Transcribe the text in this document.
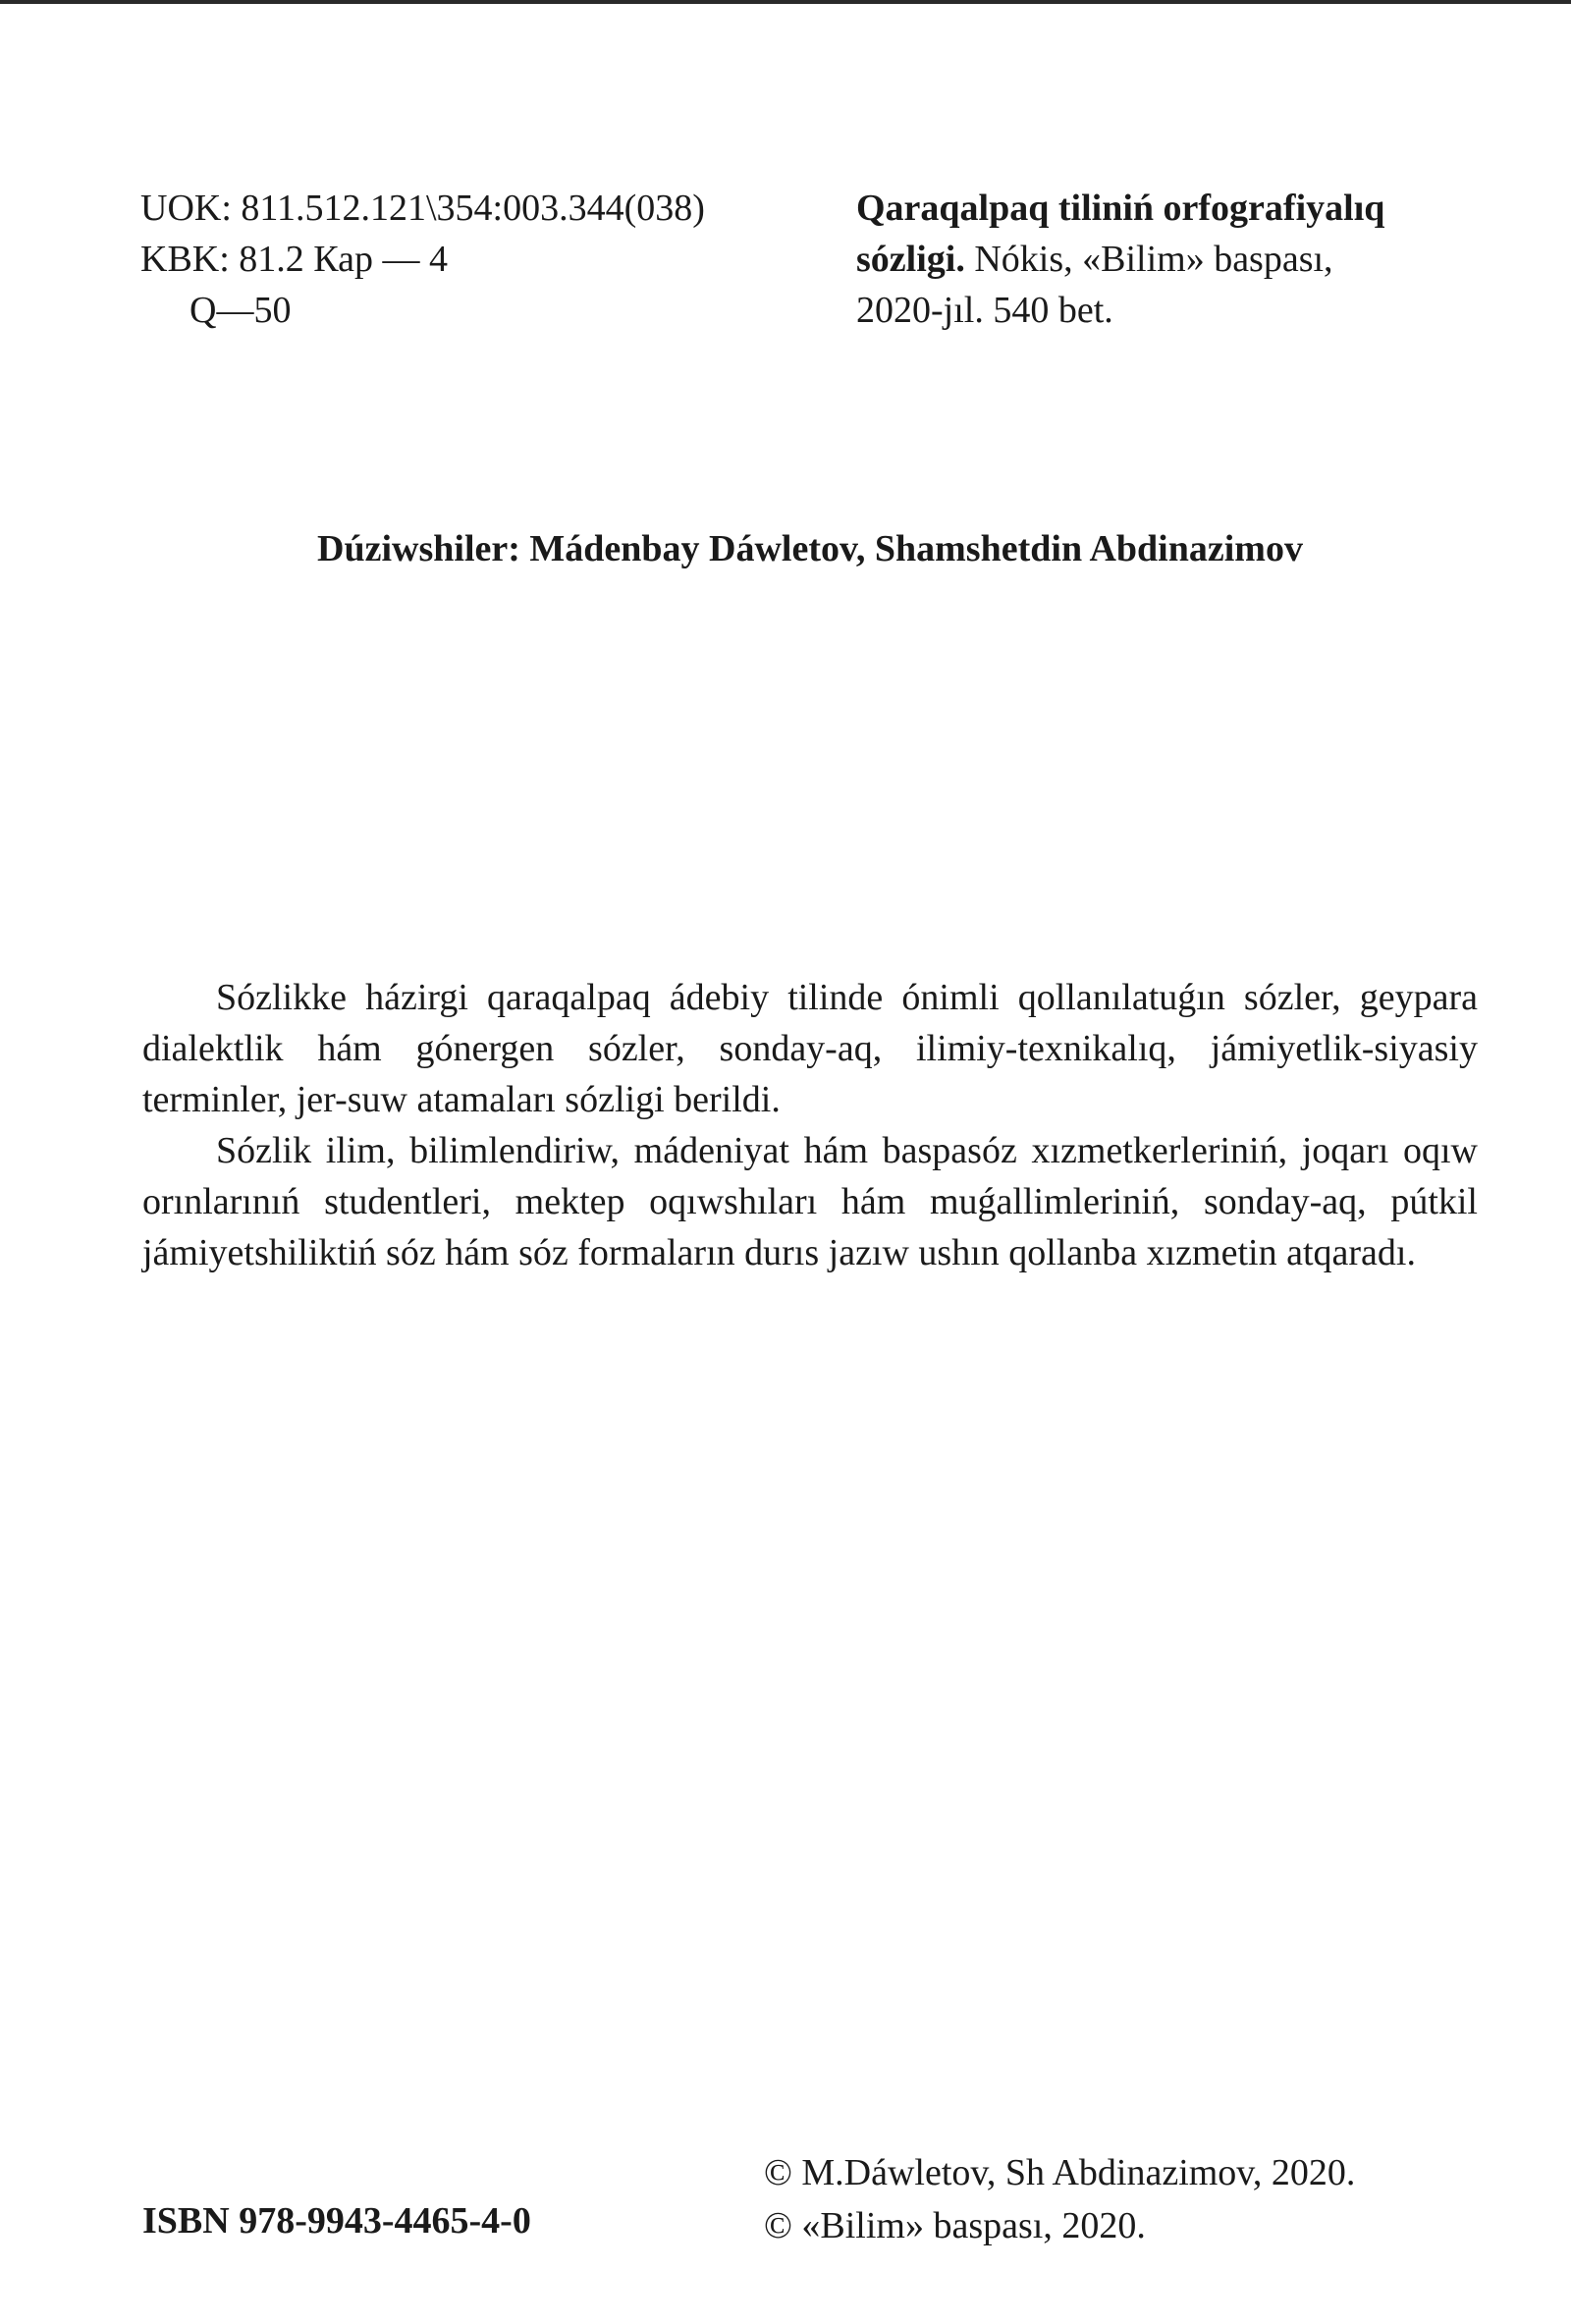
UOK: 811.512.121\354:003.344(038)
KBK: 81.2 Кар — 4
Q—50
Qaraqalpaq tiliniń orfografiyalıq
sózligi. Nókis, «Bilim» baspası,
2020-jıl. 540 bet.
Dúziwshiler: Mádenbay Dáwletov, Shamshetdin Abdinazimov

Sózlikke házirgi qaraqalpaq ádebiy tilinde ónimli qollanılatuǵın sózler, geypara dialektlik hám gónergen sózler, sonday-aq, ilimiy-texnikalıq, jámiyetlik-siyasiy terminler, jer-suw atamaları sózligi berildi.

Sózlik ilim, bilimlendiriw, mádeniyat hám baspasóz xızmetkerleriniń, joqarı oqıw orınlarınıń studentleri, mektep oqıwshıları hám muǵallimleriniń, sonday-aq, pútkil jámiyetshiliktiń sóz hám sóz formaların durıs jazıw ushın qollanba xızmetin atqaradı.

ISBN 978-9943-4465-4-0
© M.Dáwletov, Sh Abdinazimov, 2020.
© «Bilim» baspası, 2020.
